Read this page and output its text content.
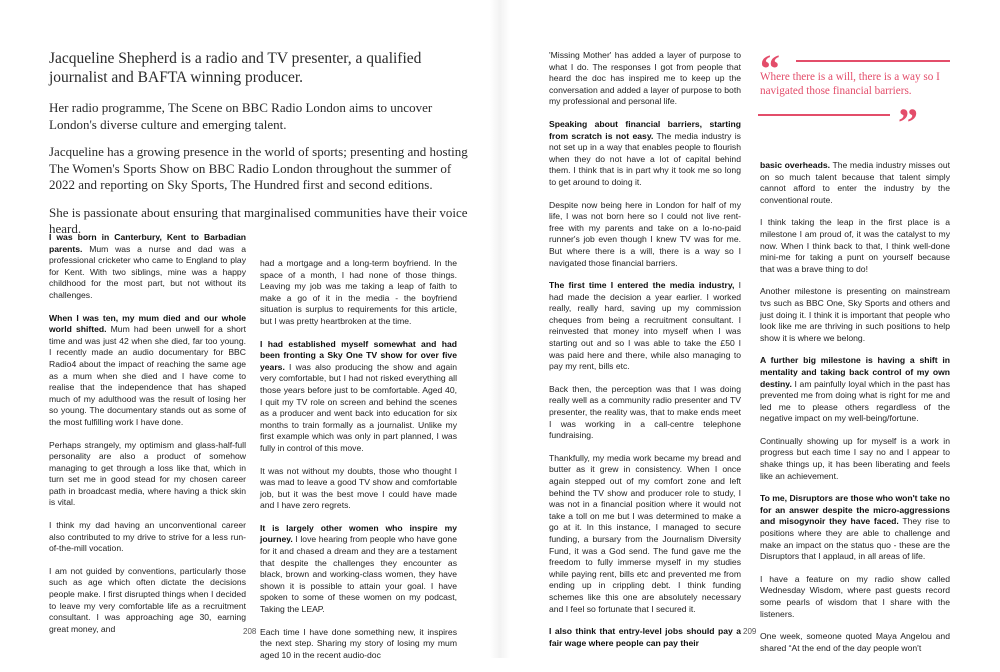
Jacqueline Shepherd is a radio and TV presenter, a qualified journalist and BAFTA winning producer.

Her radio programme, The Scene on BBC Radio London aims to uncover London's diverse culture and emerging talent.

Jacqueline has a growing presence in the world of sports; presenting and hosting The Women's Sports Show on BBC Radio London throughout the summer of 2022 and reporting on Sky Sports, The Hundred first and second editions.

She is passionate about ensuring that marginalised communities have their voice heard.

I was born in Canterbury, Kent to Barbadian parents. Mum was a nurse and dad was a professional cricketer who came to England to play for Kent. With two siblings, mine was a happy childhood for the most part, but not without its challenges.

When I was ten, my mum died and our whole world shifted. Mum had been unwell for a short time and was just 42 when she died, far too young. I recently made an audio documentary for BBC Radio4 about the impact of reaching the same age as a mum when she died and I have come to realise that the independence that has shaped much of my adulthood was the result of losing her so young. The documentary stands out as some of the most fulfilling work I have done.

Perhaps strangely, my optimism and glass-half-full personality are also a product of somehow managing to get through a loss like that, which in turn set me in good stead for my chosen career path in broadcast media, where having a thick skin is vital.

I think my dad having an unconventional career also contributed to my drive to strive for a less run-of-the-mill vocation.

I am not guided by conventions, particularly those such as age which often dictate the decisions people make. I first disrupted things when I decided to leave my very comfortable life as a recruitment consultant. I was approaching age 30, earning great money, and

had a mortgage and a long-term boyfriend. In the space of a month, I had none of those things. Leaving my job was me taking a leap of faith to make a go of it in the media - the boyfriend situation is surplus to requirements for this article, but I was pretty heartbroken at the time.

I had established myself somewhat and had been fronting a Sky One TV show for over five years. I was also producing the show and again very comfortable, but I had not risked everything all those years before just to be comfortable. Aged 40, I quit my TV role on screen and behind the scenes as a producer and went back into education for six months to train formally as a journalist. Unlike my first example which was only in part planned, I was fully in control of this move.

It was not without my doubts, those who thought I was mad to leave a good TV show and comfortable job, but it was the best move I could have made and I have zero regrets.

It is largely other women who inspire my journey. I love hearing from people who have gone for it and chased a dream and they are a testament that despite the challenges they encounter as black, brown and working-class women, they have shown it is possible to attain your goal. I have spoken to some of these women on my podcast, Taking the LEAP.

Each time I have done something new, it inspires the next step. Sharing my story of losing my mum aged 10 in the recent audio-doc

208

'Missing Mother' has added a layer of purpose to what I do. The responses I got from people that heard the doc has inspired me to keep up the conversation and added a layer of purpose to both my professional and personal life.

Speaking about financial barriers, starting from scratch is not easy. The media industry is not set up in a way that enables people to flourish when they do not have a lot of capital behind them. I think that is in part why it took me so long to get around to doing it.

Despite now being here in London for half of my life, I was not born here so I could not live rent-free with my parents and take on a lo-no-paid runner's job even though I knew TV was for me. But where there is a will, there is a way so I navigated those financial barriers.

The first time I entered the media industry, I had made the decision a year earlier. I worked really, really hard, saving up my commission cheques from being a recruitment consultant. I reinvested that money into myself when I was starting out and so I was able to take the £50 I was paid here and there, while also managing to pay my rent, bills etc.

Back then, the perception was that I was doing really well as a community radio presenter and TV presenter, the reality was, that to make ends meet I was working in a call-centre telephone fundraising.

Thankfully, my media work became my bread and butter as it grew in consistency. When I once again stepped out of my comfort zone and left behind the TV show and producer role to study, I was not in a financial position where it would not take a toll on me but I was determined to make a go at it. In this instance, I managed to secure funding, a bursary from the Journalism Diversity Fund, it was a God send. The fund gave me the freedom to fully immerse myself in my studies while paying rent, bills etc and prevented me from ending up in crippling debt. I think funding schemes like this one are absolutely necessary and I feel so fortunate that I secured it.

I also think that entry-level jobs should pay a fair wage where people can pay their

“
Where there is a will, there is a way so I navigated those financial barriers.
”

basic overheads. The media industry misses out on so much talent because that talent simply cannot afford to enter the industry by the conventional route.

I think taking the leap in the first place is a milestone I am proud of, it was the catalyst to my now. When I think back to that, I think well-done mini-me for taking a punt on yourself because that was a brave thing to do!

Another milestone is presenting on mainstream tvs such as BBC One, Sky Sports and others and just doing it. I think it is important that people who look like me are thriving in such positions to help show it is where we belong.

A further big milestone is having a shift in mentality and taking back control of my own destiny. I am painfully loyal which in the past has prevented me from doing what is right for me and led me to please others regardless of the negative impact on my well-being/fortune.

Continually showing up for myself is a work in progress but each time I say no and I appear to shake things up, it has been liberating and feels like an achievement.

To me, Disruptors are those who won't take no for an answer despite the micro-aggressions and misogynoir they have faced. They rise to positions where they are able to challenge and make an impact on the status quo - these are the Disruptors that I applaud, in all areas of life.

I have a feature on my radio show called Wednesday Wisdom, where past guests record some pearls of wisdom that I share with the listeners.

One week, someone quoted Maya Angelou and shared “At the end of the day people won't

209
